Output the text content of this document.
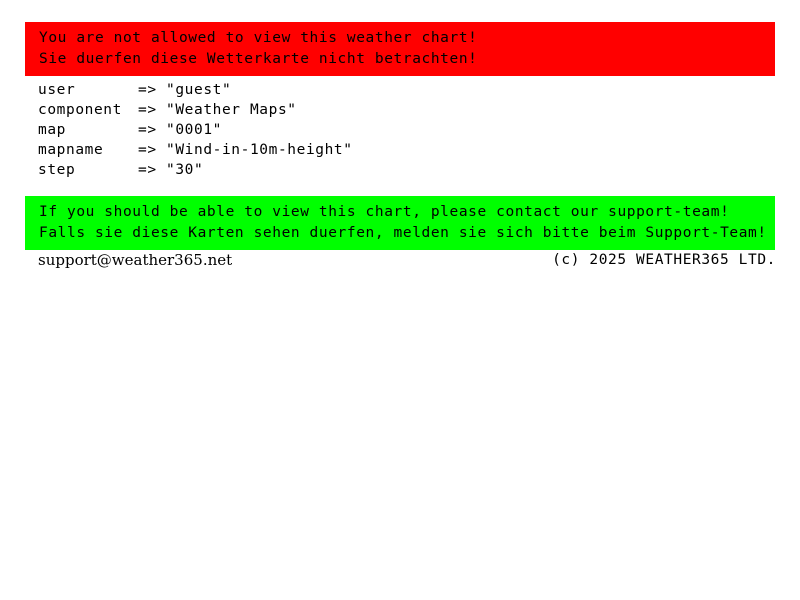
You are not allowed to view this weather chart!
Sie duerfen diese Wetterkarte nicht betrachten!
user	=> "guest"
component	=> "Weather Maps"
map	=> "0001"
mapname	=> "Wind-in-10m-height"
step	=> "30"
If you should be able to view this chart, please contact our support-team!
Falls sie diese Karten sehen duerfen, melden sie sich bitte beim Support-Team!
support@weather365.net	(c) 2025 WEATHER365 LTD.
